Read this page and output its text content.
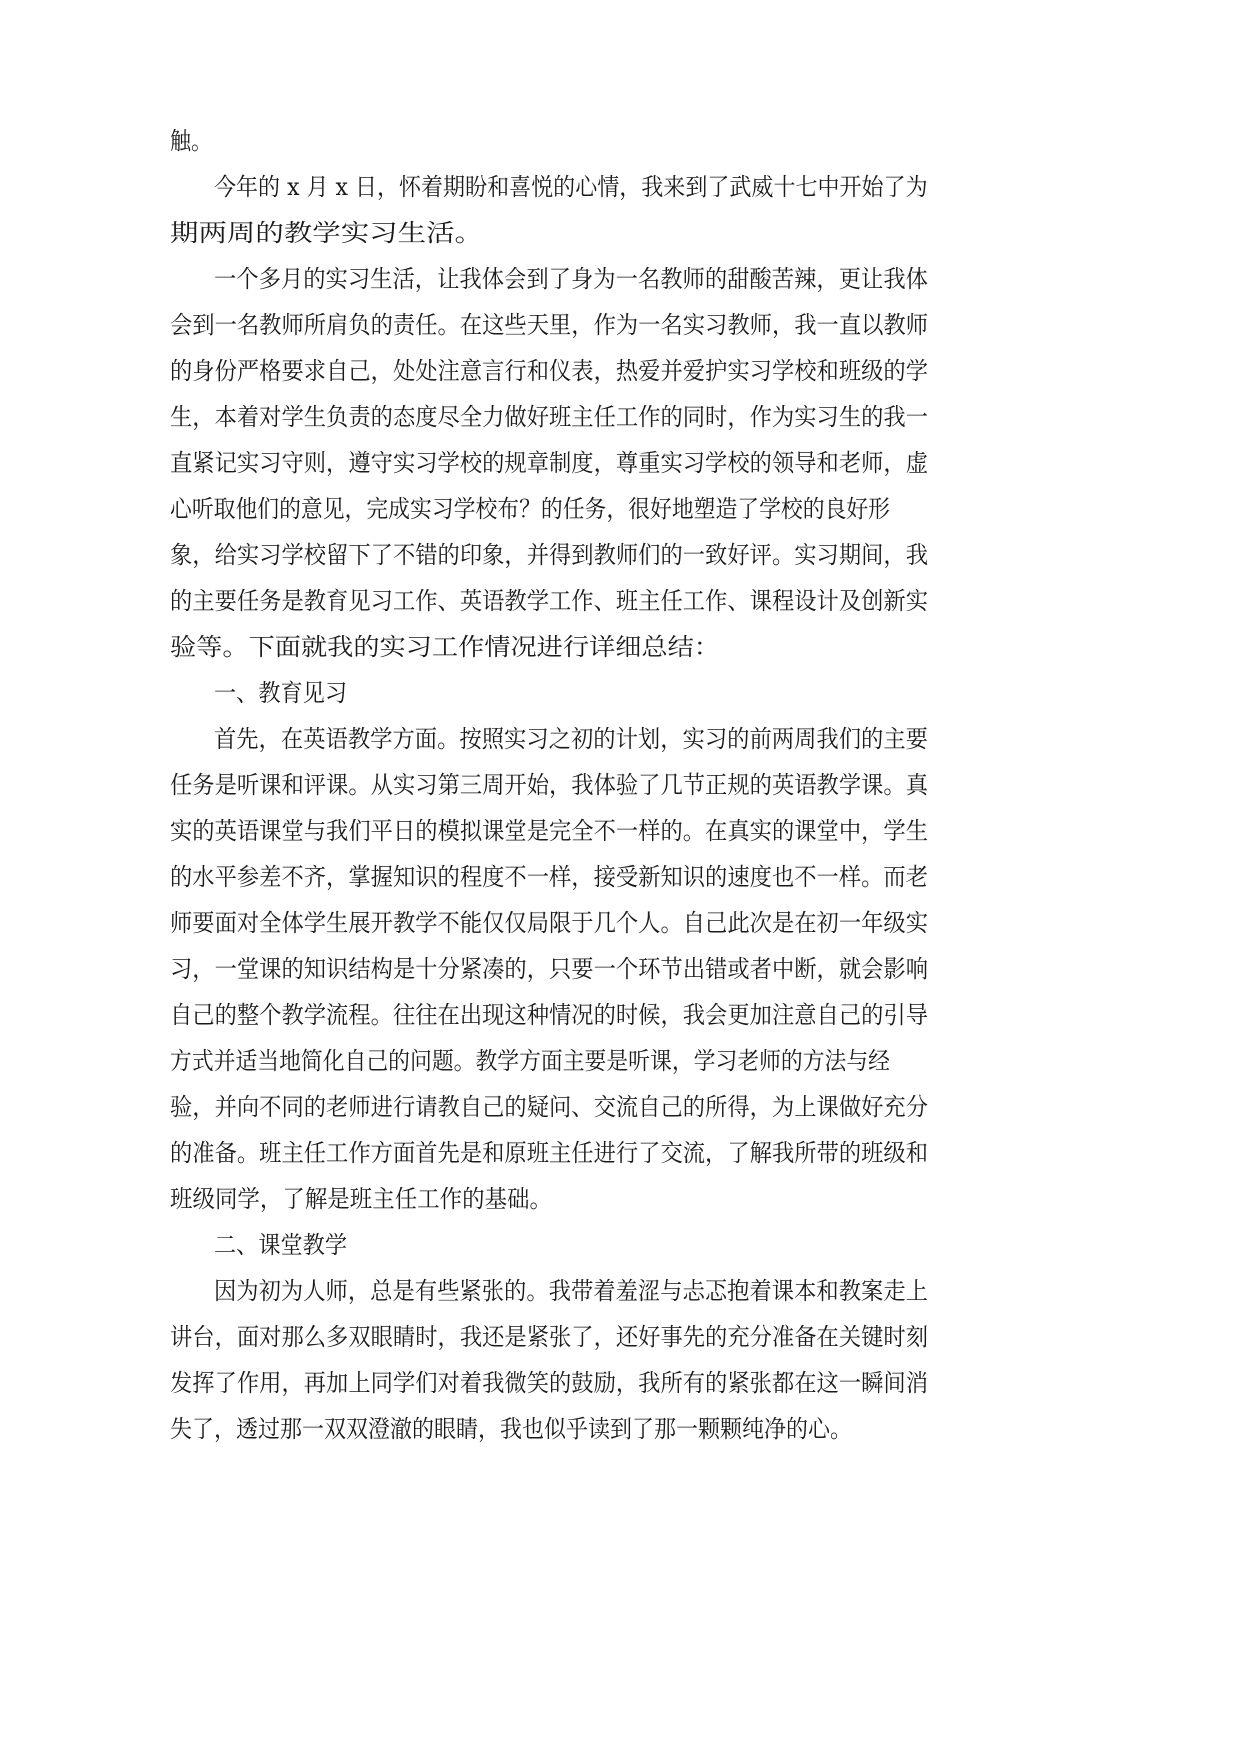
触。
今年的 x 月 x 日，怀着期盼和喜悦的心情，我来到了武威十七中开始了为
期两周的教学实习生活。
一个多月的实习生活，让我体会到了身为一名教师的甜酸苦辣，更让我体
会到一名教师所肩负的责任。在这些天里，作为一名实习教师，我一直以教师
的身份严格要求自己，处处注意言行和仪表，热爱并爱护实习学校和班级的学
生，本着对学生负责的态度尽全力做好班主任工作的同时，作为实习生的我一
直紧记实习守则，遵守实习学校的规章制度，尊重实习学校的领导和老师，虚
心听取他们的意见，完成实习学校布？的任务，很好地塑造了学校的良好形
象，给实习学校留下了不错的印象，并得到教师们的一致好评。实习期间，我
的主要任务是教育见习工作、英语教学工作、班主任工作、课程设计及创新实
验等。下面就我的实习工作情况进行详细总结：
一、教育见习
首先，在英语教学方面。按照实习之初的计划，实习的前两周我们的主要
任务是听课和评课。从实习第三周开始，我体验了几节正规的英语教学课。真
实的英语课堂与我们平日的模拟课堂是完全不一样的。在真实的课堂中，学生
的水平参差不齐，掌握知识的程度不一样，接受新知识的速度也不一样。而老
师要面对全体学生展开教学不能仅仅局限于几个人。自己此次是在初一年级实
习，一堂课的知识结构是十分紧凑的，只要一个环节出错或者中断，就会影响
自己的整个教学流程。往往在出现这种情况的时候，我会更加注意自己的引导
方式并适当地简化自己的问题。教学方面主要是听课，学习老师的方法与经
验，并向不同的老师进行请教自己的疑问、交流自己的所得，为上课做好充分
的准备。班主任工作方面首先是和原班主任进行了交流，了解我所带的班级和
班级同学，了解是班主任工作的基础。
二、课堂教学
因为初为人师，总是有些紧张的。我带着羞涩与忐忑抱着课本和教案走上
讲台，面对那么多双眼睛时，我还是紧张了，还好事先的充分准备在关键时刻
发挥了作用，再加上同学们对着我微笑的鼓励，我所有的紧张都在这一瞬间消
失了，透过那一双双澄澈的眼睛，我也似乎读到了那一颗颗纯净的心。
